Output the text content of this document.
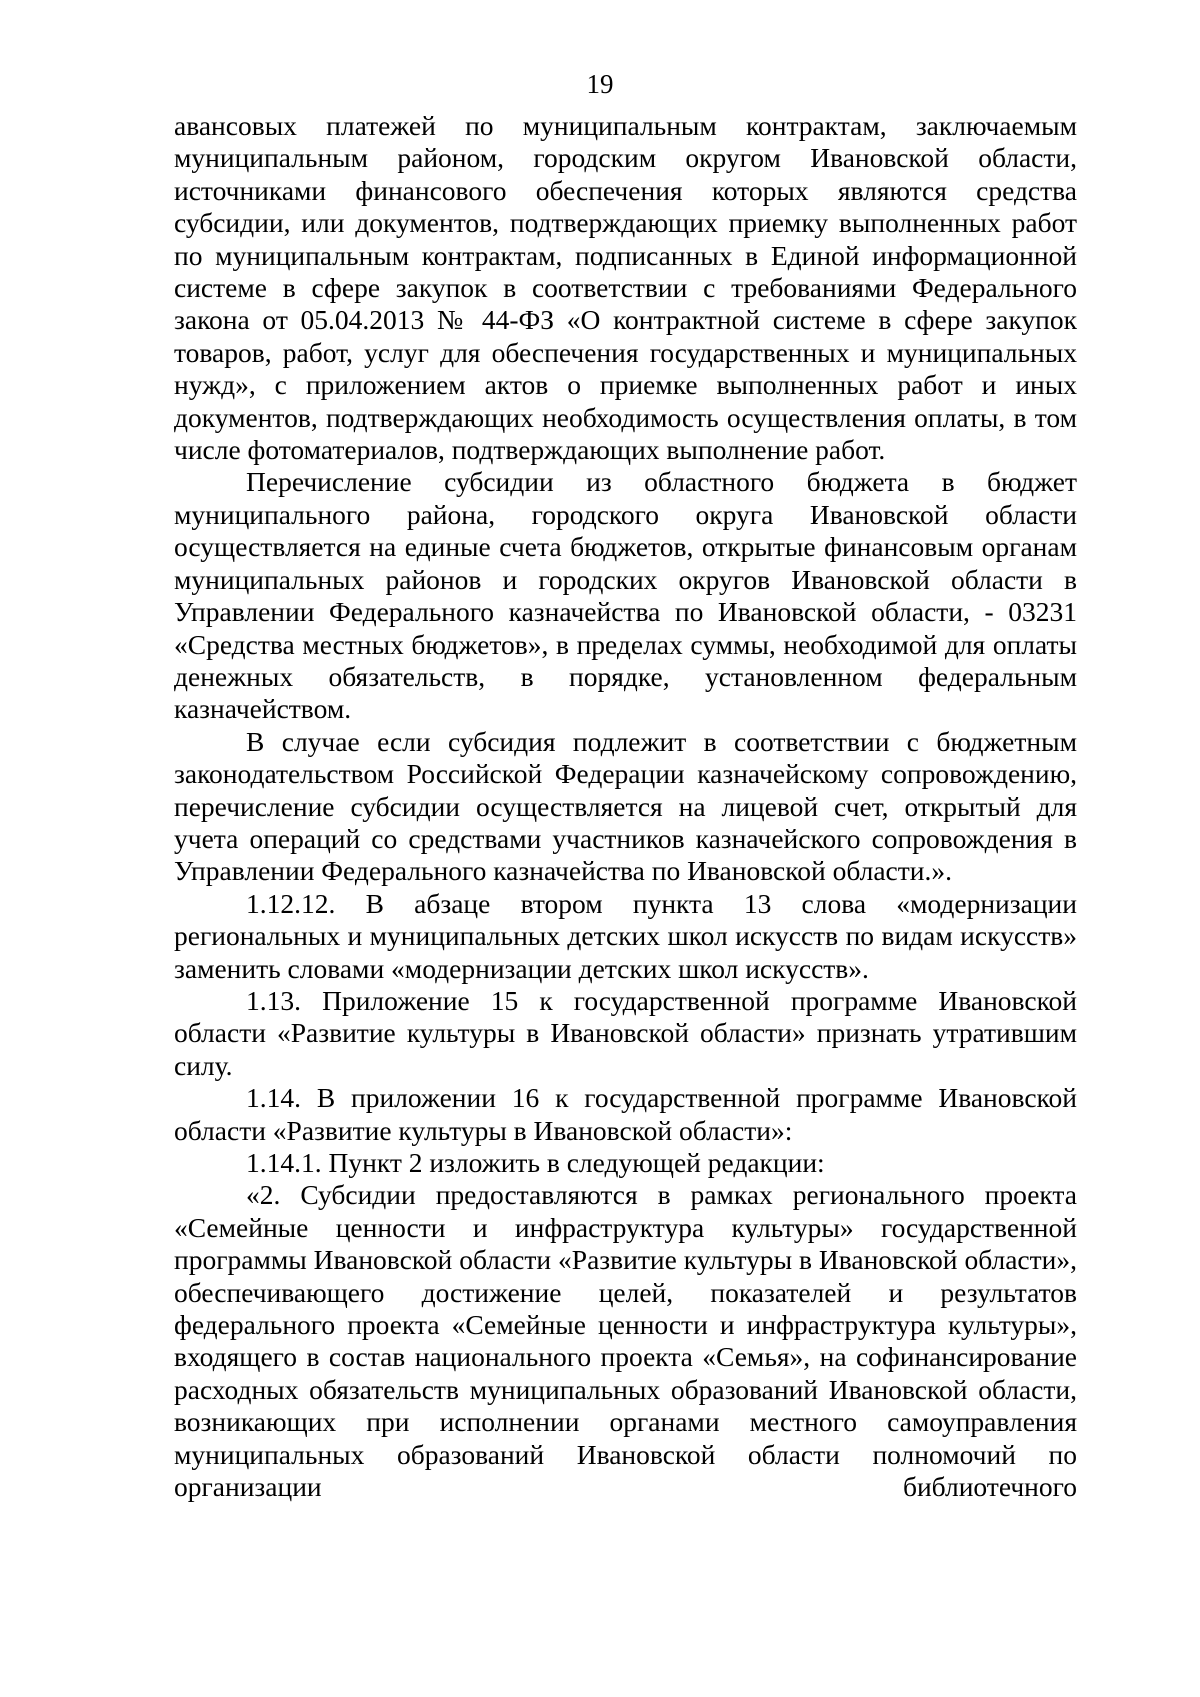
19

авансовых платежей по муниципальным контрактам, заключаемым муниципальным районом, городским округом Ивановской области, источниками финансового обеспечения которых являются средства субсидии, или документов, подтверждающих приемку выполненных работ по муниципальным контрактам, подписанных в Единой информационной системе в сфере закупок в соответствии с требованиями Федерального закона от 05.04.2013 № 44-ФЗ «О контрактной системе в сфере закупок товаров, работ, услуг для обеспечения государственных и муниципальных нужд», с приложением актов о приемке выполненных работ и иных документов, подтверждающих необходимость осуществления оплаты, в том числе фотоматериалов, подтверждающих выполнение работ.

Перечисление субсидии из областного бюджета в бюджет муниципального района, городского округа Ивановской области осуществляется на единые счета бюджетов, открытые финансовым органам муниципальных районов и городских округов Ивановской области в Управлении Федерального казначейства по Ивановской области, - 03231 «Средства местных бюджетов», в пределах суммы, необходимой для оплаты денежных обязательств, в порядке, установленном федеральным казначейством.

В случае если субсидия подлежит в соответствии с бюджетным законодательством Российской Федерации казначейскому сопровождению, перечисление субсидии осуществляется на лицевой счет, открытый для учета операций со средствами участников казначейского сопровождения в Управлении Федерального казначейства по Ивановской области.».

1.12.12. В абзаце втором пункта 13 слова «модернизации региональных и муниципальных детских школ искусств по видам искусств» заменить словами «модернизации детских школ искусств».

1.13. Приложение 15 к государственной программе Ивановской области «Развитие культуры в Ивановской области» признать утратившим силу.

1.14. В приложении 16 к государственной программе Ивановской области «Развитие культуры в Ивановской области»:

1.14.1. Пункт 2 изложить в следующей редакции:

«2. Субсидии предоставляются в рамках регионального проекта «Семейные ценности и инфраструктура культуры» государственной программы Ивановской области «Развитие культуры в Ивановской области», обеспечивающего достижение целей, показателей и результатов федерального проекта «Семейные ценности и инфраструктура культуры», входящего в состав национального проекта «Семья», на софинансирование расходных обязательств муниципальных образований Ивановской области, возникающих при исполнении органами местного самоуправления муниципальных образований Ивановской области полномочий по организации библиотечного
